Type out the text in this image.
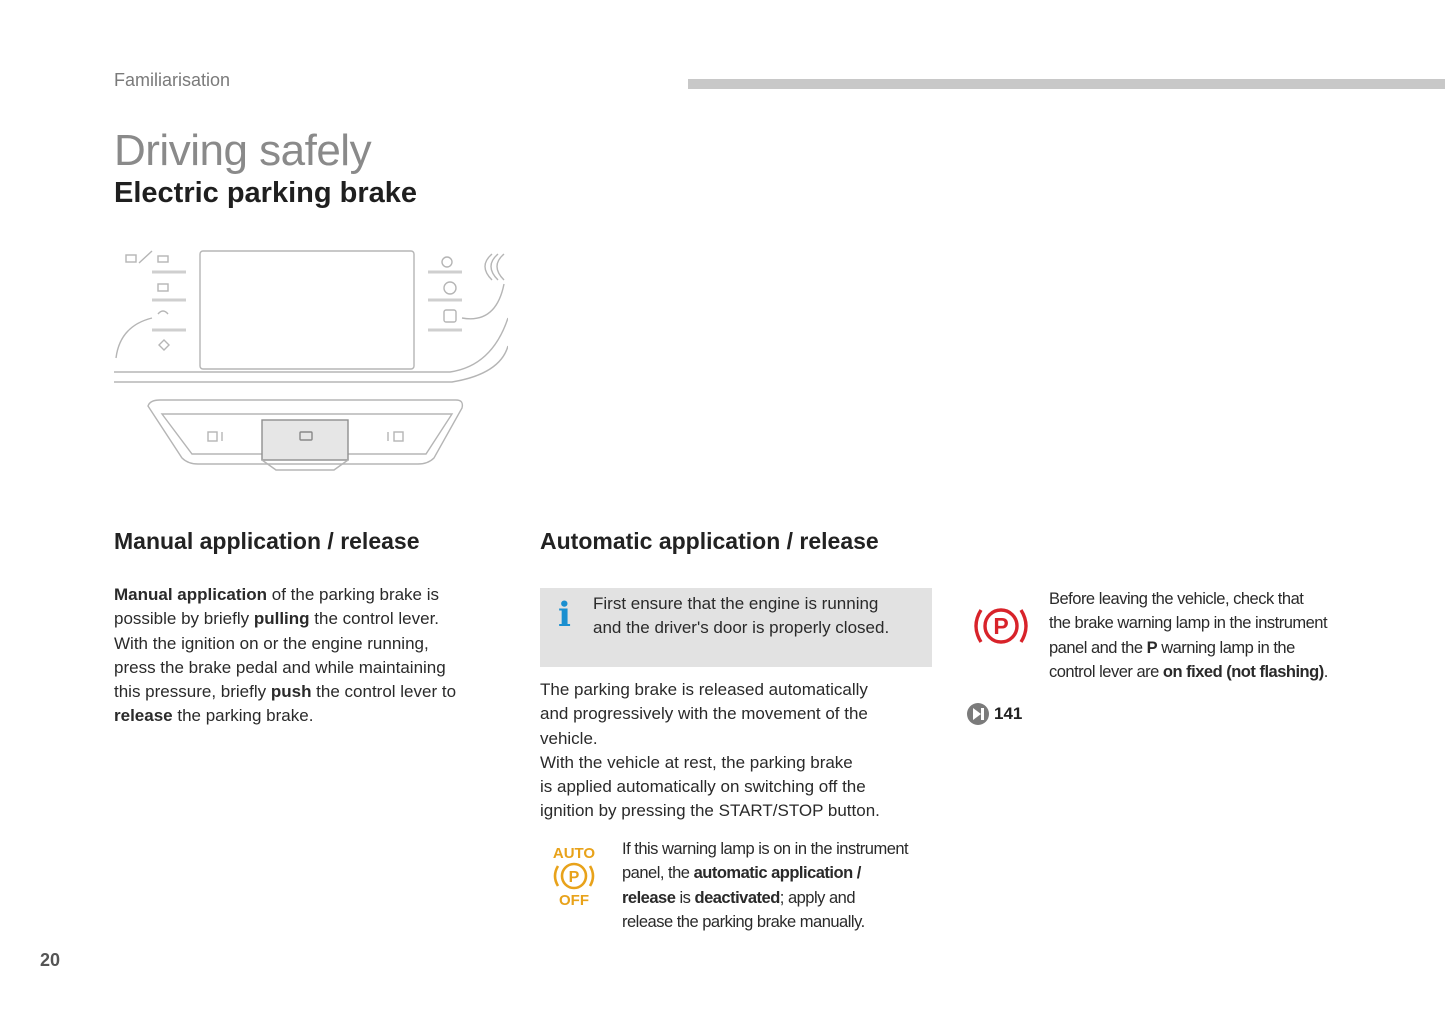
Familiarisation
Driving safely
Electric parking brake
Manual application / release
Manual application of the parking brake is
possible by briefly pulling the control lever.
With the ignition on or the engine running,
press the brake pedal and while maintaining
this pressure, briefly push the control lever to
release the parking brake.
Automatic application / release
i First ensure that the engine is running
and the driver's door is properly closed.
The parking brake is released automatically
and progressively with the movement of the
vehicle.
With the vehicle at rest, the parking brake
is applied automatically on switching off the
ignition by pressing the START/STOP button.
AUTO
P
OFF
If this warning lamp is on in the instrument
panel, the automatic application /
release is deactivated; apply and
release the parking brake manually.
P
Before leaving the vehicle, check that
the brake warning lamp in the instrument
panel and the P warning lamp in the
control lever are on fixed (not flashing).
141
20
